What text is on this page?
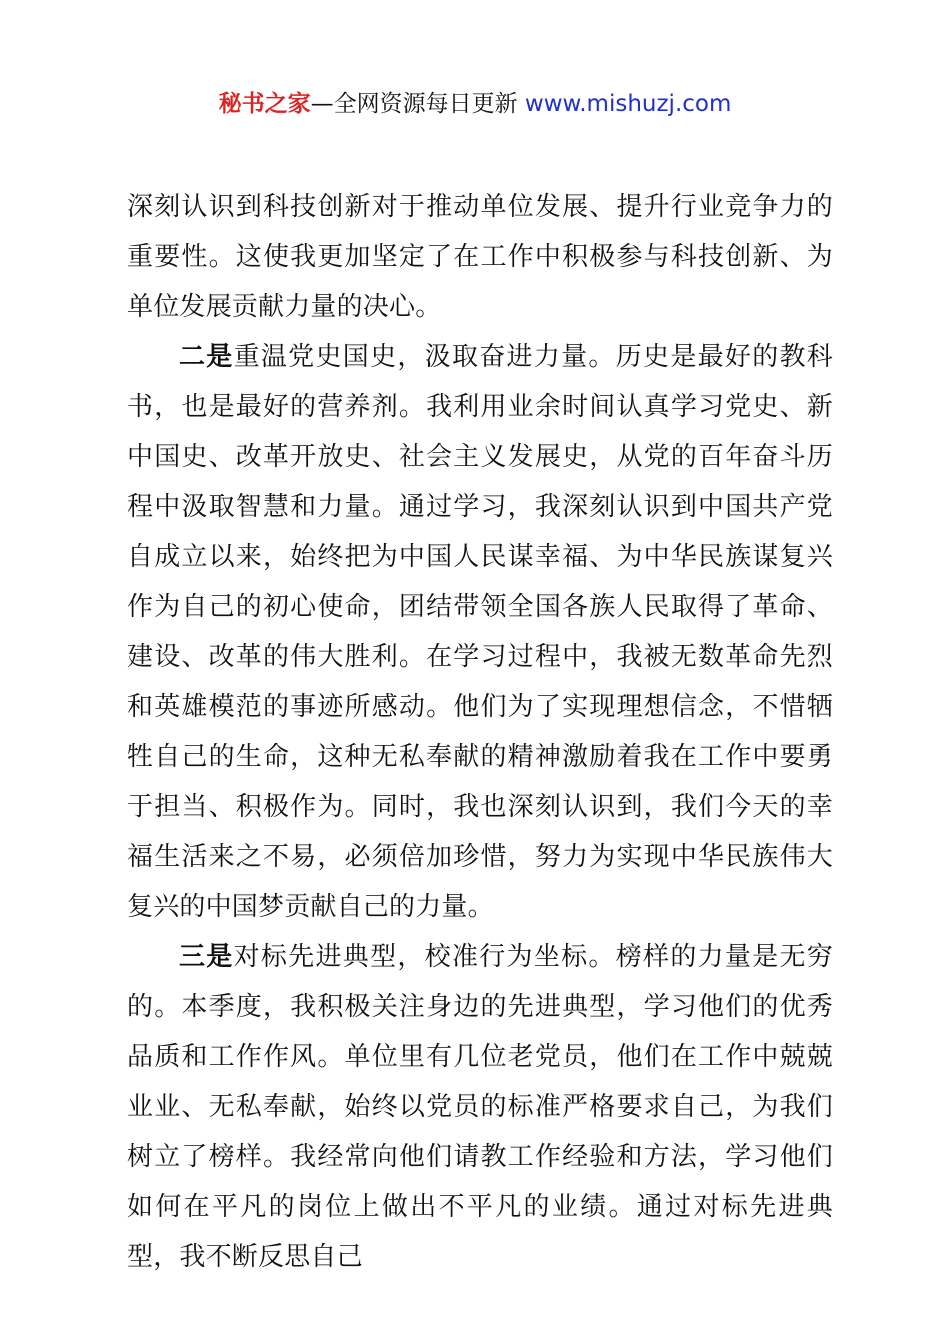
秘书之家—全网资源每日更新 www.mishuzj.com

深刻认识到科技创新对于推动单位发展、提升行业竞争力的重要性。这使我更加坚定了在工作中积极参与科技创新、为单位发展贡献力量的决心。

二是重温党史国史，汲取奋进力量。历史是最好的教科书，也是最好的营养剂。我利用业余时间认真学习党史、新中国史、改革开放史、社会主义发展史，从党的百年奋斗历程中汲取智慧和力量。通过学习，我深刻认识到中国共产党自成立以来，始终把为中国人民谋幸福、为中华民族谋复兴作为自己的初心使命，团结带领全国各族人民取得了革命、建设、改革的伟大胜利。在学习过程中，我被无数革命先烈和英雄模范的事迹所感动。他们为了实现理想信念，不惜牺牲自己的生命，这种无私奉献的精神激励着我在工作中要勇于担当、积极作为。同时，我也深刻认识到，我们今天的幸福生活来之不易，必须倍加珍惜，努力为实现中华民族伟大复兴的中国梦贡献自己的力量。

三是对标先进典型，校准行为坐标。榜样的力量是无穷的。本季度，我积极关注身边的先进典型，学习他们的优秀品质和工作作风。单位里有几位老党员，他们在工作中兢兢业业、无私奉献，始终以党员的标准严格要求自己，为我们树立了榜样。我经常向他们请教工作经验和方法，学习他们如何在平凡的岗位上做出不平凡的业绩。通过对标先进典型，我不断反思自己
